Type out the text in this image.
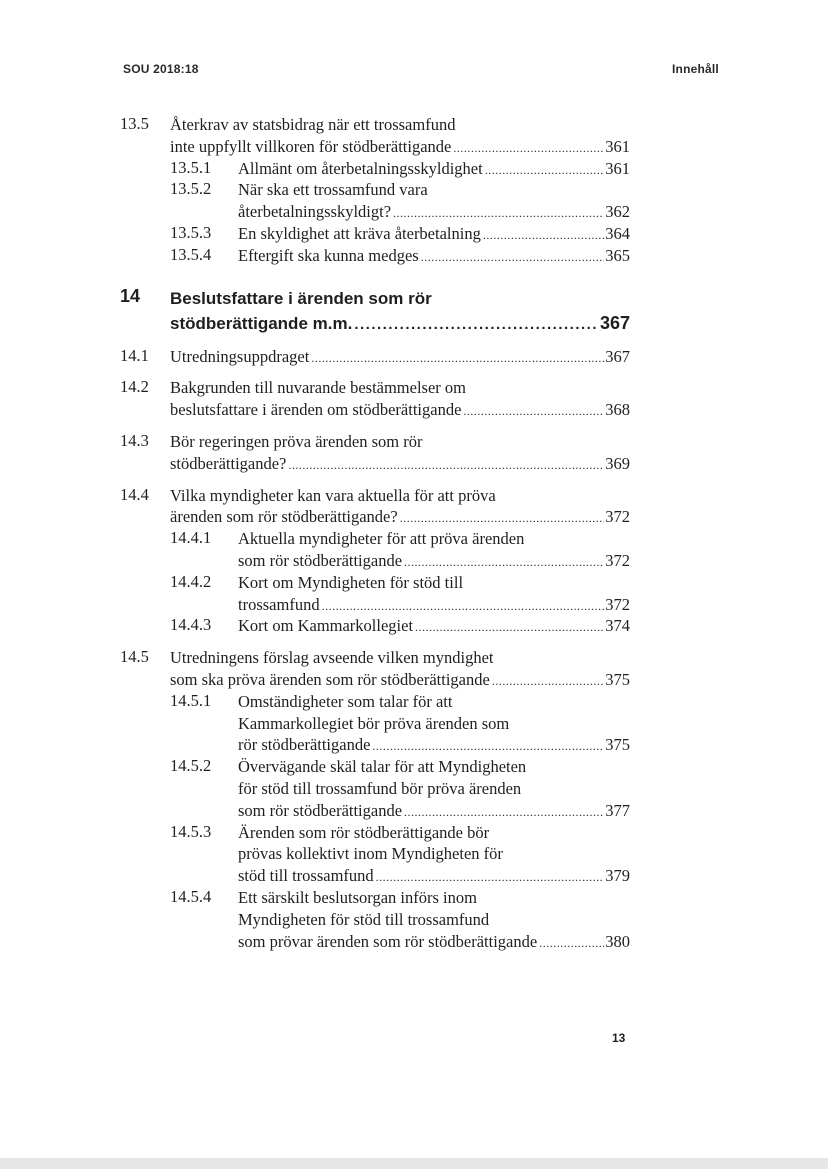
SOU 2018:18	Innehåll
13.5 Återkrav av statsbidrag när ett trossamfund
inte uppfyllt villkoren för stödberättigande .....	361
13.5.1 Allmänt om återbetalningsskyldighet .....	361
13.5.2 När ska ett trossamfund vara
återbetalningsskyldigt? .....	362
13.5.3 En skyldighet att kräva återbetalning .....	364
13.5.4 Eftergift ska kunna medges .....	365
14 Beslutsfattare i ärenden som rör
stödberättigande m.m. .....	367
14.1 Utredningsuppdraget .....	367
14.2 Bakgrunden till nuvarande bestämmelser om
beslutsfattare i ärenden om stödberättigande .....	368
14.3 Bör regeringen pröva ärenden som rör
stödberättigande? .....	369
14.4 Vilka myndigheter kan vara aktuella för att pröva
ärenden som rör stödberättigande? .....	372
14.4.1 Aktuella myndigheter för att pröva ärenden
som rör stödberättigande .....	372
14.4.2 Kort om Myndigheten för stöd till
trossamfund .....	372
14.4.3 Kort om Kammarkollegiet .....	374
14.5 Utredningens förslag avseende vilken myndighet
som ska pröva ärenden som rör stödberättigande .....	375
14.5.1 Omständigheter som talar för att
Kammarkollegiet bör pröva ärenden som
rör stödberättigande .....	375
14.5.2 Övervägande skäl talar för att Myndigheten
för stöd till trossamfund bör pröva ärenden
som rör stödberättigande .....	377
14.5.3 Ärenden som rör stödberättigande bör
prövas kollektivt inom Myndigheten för
stöd till trossamfund .....	379
14.5.4 Ett särskilt beslutsorgan införs inom
Myndigheten för stöd till trossamfund
som prövar ärenden som rör stödberättigande .....	380
13
